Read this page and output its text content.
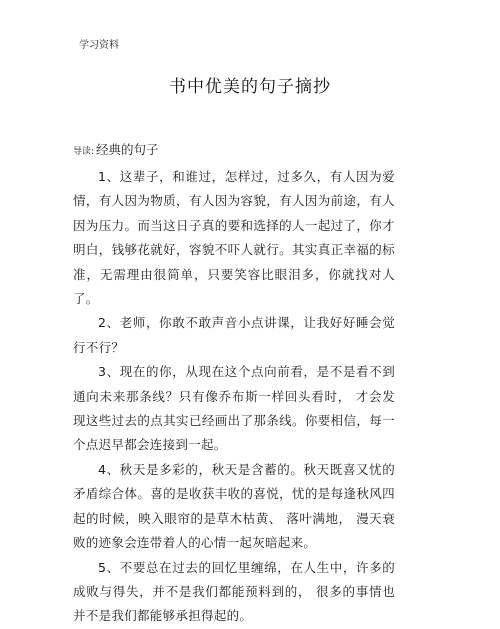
学习资料
书中优美的句子摘抄
导读: 经典的句子

1、这辈子，和谁过，怎样过，过多久，有人因为爱情，有人因为物质，有人因为容貌，有人因为前途，有人因为压力。而当这日子真的要和选择的人一起过了，你才明白，钱够花就好，容貌不吓人就行。其实真正幸福的标准，无需理由很简单，只要笑容比眼泪多，你就找对人了。

2、老师，你敢不敢声音小点讲课，让我好好睡会觉行不行？

3、现在的你，从现在这个点向前看，是不是看不到通向未来那条线？只有像乔布斯一样回头看时， 才会发现这些过去的点其实已经画出了那条线。你要相信，每一个点迟早都会连接到一起。

4、秋天是多彩的，秋天是含蓄的。秋天既喜又忧的矛盾综合体。喜的是收获丰收的喜悦，忧的是每逢秋风四起的时候，映入眼帘的是草木枯黄、 落叶满地， 漫天衰败的迹象会连带着人的心情一起灰暗起来。

5、不要总在过去的回忆里缠绵，在人生中，许多的成败与得失，并不是我们都能预料到的， 很多的事情也并不是我们都能够承担得起的。
